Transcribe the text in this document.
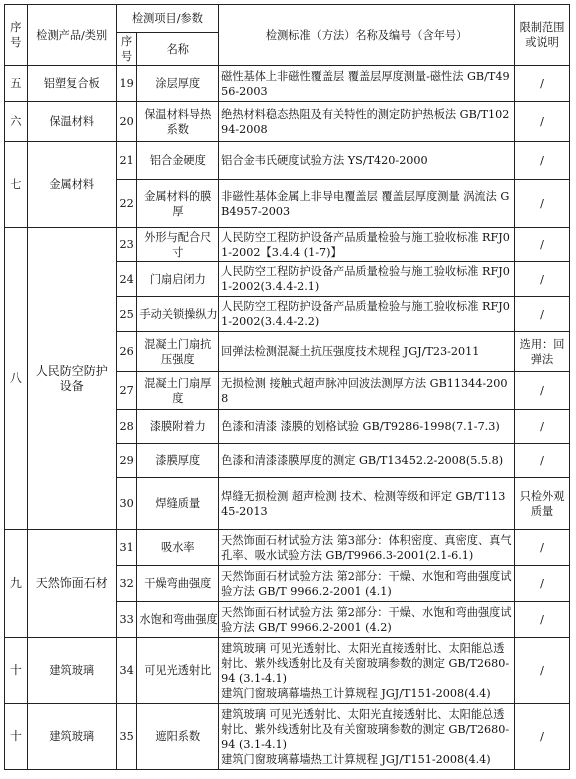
序号	检测产品/类别	检测项目/参数		检测标准（方法）名称及编号（含年号）	限制范围或说明
		序号	名称		
五	铝塑复合板	19	涂层厚度	磁性基体上非磁性覆盖层 覆盖层厚度测量-磁性法 GB/T4956-2003	/
六	保温材料	20	保温材料导热系数	绝热材料稳态热阻及有关特性的测定防护热板法 GB/T10294-2008	/
七	金属材料	21	铝合金硬度	铝合金韦氏硬度试验方法 YS/T420-2000	/
		22	金属材料的膜厚	非磁性基体金属上非导电覆盖层 覆盖层厚度测量 涡流法 GB4957-2003	/
八	人民防空防护设备	23	外形与配合尺寸	人民防空工程防护设备产品质量检验与施工验收标准 RFJ01-2002【3.4.4 (1-7)】	/
		24	门扇启闭力	人民防空工程防护设备产品质量检验与施工验收标准 RFJ01-2002(3.4.4-2.1)	/
		25	手动关锁操纵力	人民防空工程防护设备产品质量检验与施工验收标准 RFJ01-2002(3.4.4-2.2)	/
		26	混凝土门扇抗压强度	回弹法检测混凝土抗压强度技术规程 JGJ/T23-2011	选用：回弹法
		27	混凝土门扇厚度	无损检测 接触式超声脉冲回波法测厚方法 GB11344-2008	/
		28	漆膜附着力	色漆和清漆 漆膜的划格试验 GB/T9286-1998(7.1-7.3)	/
		29	漆膜厚度	色漆和清漆漆膜厚度的测定 GB/T13452.2-2008(5.5.8)	/
		30	焊缝质量	焊缝无损检测 超声检测 技术、检测等级和评定 GB/T11345-2013	只检外观质量
九	天然饰面石材	31	吸水率	天然饰面石材试验方法 第3部分：体积密度、真密度、真气孔率、吸水试验方法 GB/T9966.3-2001(2.1-6.1)	/
		32	干燥弯曲强度	天然饰面石材试验方法 第2部分：干燥、水饱和弯曲强度试验方法 GB/T 9966.2-2001 (4.1)	/
		33	水饱和弯曲强度	天然饰面石材试验方法 第2部分：干燥、水饱和弯曲强度试验方法 GB/T 9966.2-2001 (4.2)	/
十	建筑玻璃	34	可见光透射比	建筑玻璃 可见光透射比、太阳光直接透射比、太阳能总透射比、紫外线透射比及有关窗玻璃参数的测定 GB/T2680-94 (3.1-4.1)
建筑门窗玻璃幕墙热工计算规程 JGJ/T151-2008(4.4)	/
十	建筑玻璃	35	遮阳系数	建筑玻璃 可见光透射比、太阳光直接透射比、太阳能总透射比、紫外线透射比及有关窗玻璃参数的测定 GB/T2680-94 (3.1-4.1)
建筑门窗玻璃幕墙热工计算规程 JGJ/T151-2008(4.4)	/
